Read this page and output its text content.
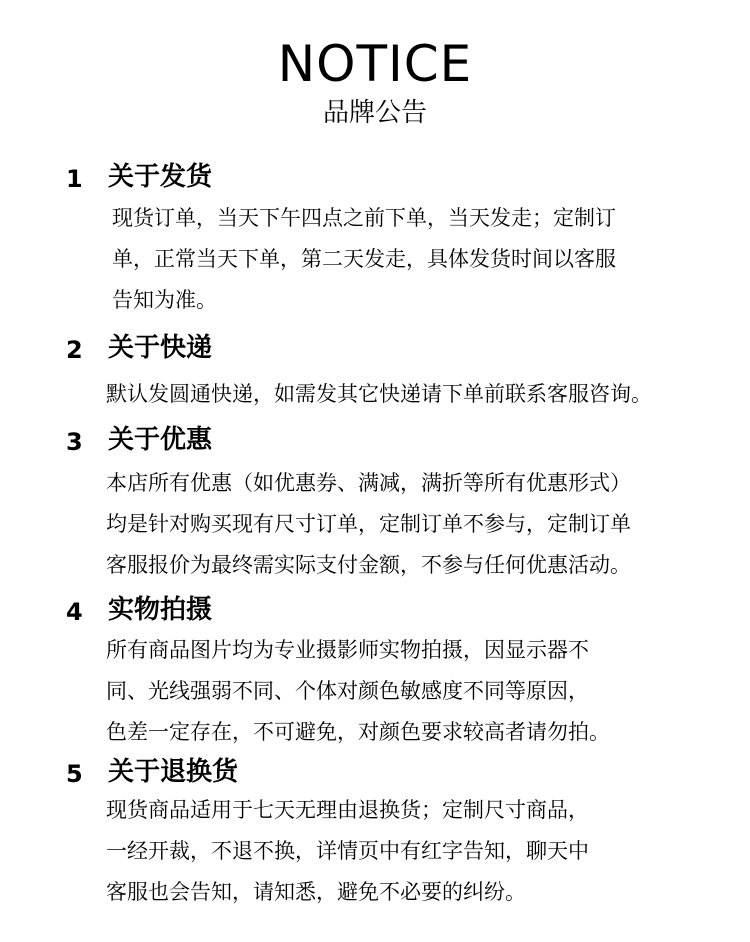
NOTICE
品牌公告
1 关于发货
现货订单，当天下午四点之前下单，当天发走；定制订
单，正常当天下单，第二天发走，具体发货时间以客服
告知为准。
2 关于快递
默认发圆通快递，如需发其它快递请下单前联系客服咨询。
3 关于优惠
本店所有优惠（如优惠券、满减，满折等所有优惠形式）
均是针对购买现有尺寸订单，定制订单不参与，定制订单
客服报价为最终需实际支付金额，不参与任何优惠活动。
4 实物拍摄
所有商品图片均为专业摄影师实物拍摄，因显示器不
同、光线强弱不同、个体对颜色敏感度不同等原因，
色差一定存在，不可避免，对颜色要求较高者请勿拍。
5 关于退换货
现货商品适用于七天无理由退换货；定制尺寸商品，
一经开裁，不退不换，详情页中有红字告知，聊天中
客服也会告知，请知悉，避免不必要的纠纷。
